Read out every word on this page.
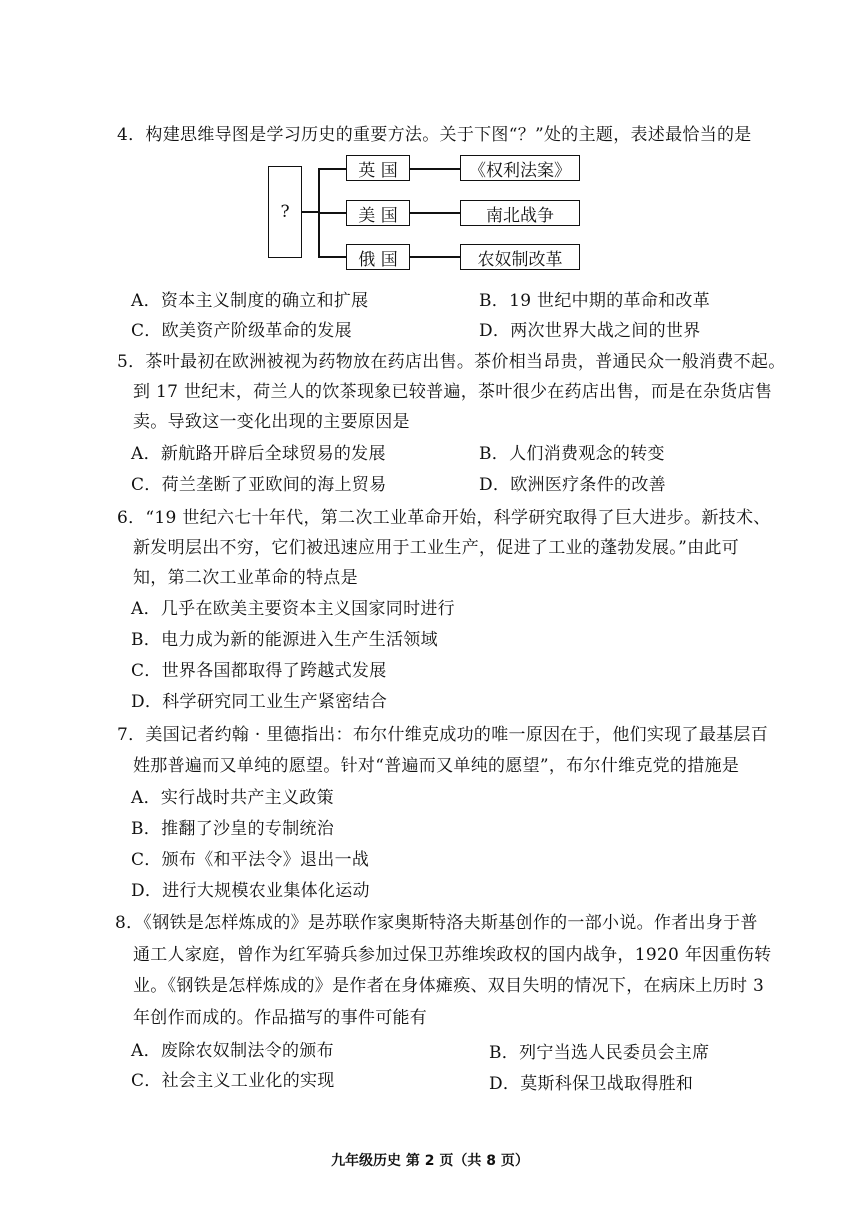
4．构建思维导图是学习历史的重要方法。关于下图“？”处的主题，表述最恰当的是
?
英 国
美 国
俄 国
《权利法案》
南北战争
农奴制改革
A．资本主义制度的确立和扩展	B．19 世纪中期的革命和改革
C．欧美资产阶级革命的发展	D．两次世界大战之间的世界
5．茶叶最初在欧洲被视为药物放在药店出售。茶价相当昂贵，普通民众一般消费不起。
到 17 世纪末，荷兰人的饮茶现象已较普遍，茶叶很少在药店出售，而是在杂货店售
卖。导致这一变化出现的主要原因是
A．新航路开辟后全球贸易的发展	B．人们消费观念的转变
C．荷兰垄断了亚欧间的海上贸易	D．欧洲医疗条件的改善
6．“19 世纪六七十年代，第二次工业革命开始，科学研究取得了巨大进步。新技术、
新发明层出不穷，它们被迅速应用于工业生产，促进了工业的蓬勃发展。”由此可
知，第二次工业革命的特点是
A．几乎在欧美主要资本主义国家同时进行
B．电力成为新的能源进入生产生活领域
C．世界各国都取得了跨越式发展
D．科学研究同工业生产紧密结合
7．美国记者约翰 · 里德指出：布尔什维克成功的唯一原因在于，他们实现了最基层百
姓那普遍而又单纯的愿望。针对“普遍而又单纯的愿望”，布尔什维克党的措施是
A．实行战时共产主义政策
B．推翻了沙皇的专制统治
C．颁布《和平法令》退出一战
D．进行大规模农业集体化运动
8．《钢铁是怎样炼成的》是苏联作家奥斯特洛夫斯基创作的一部小说。作者出身于普
通工人家庭，曾作为红军骑兵参加过保卫苏维埃政权的国内战争，1920 年因重伤转
业。《钢铁是怎样炼成的》是作者在身体瘫痪、双目失明的情况下，在病床上历时 3
年创作而成的。作品描写的事件可能有
A．废除农奴制法令的颁布	B．列宁当选人民委员会主席
C．社会主义工业化的实现	D．莫斯科保卫战取得胜和
九年级历史 第 2 页（共 8 页）
